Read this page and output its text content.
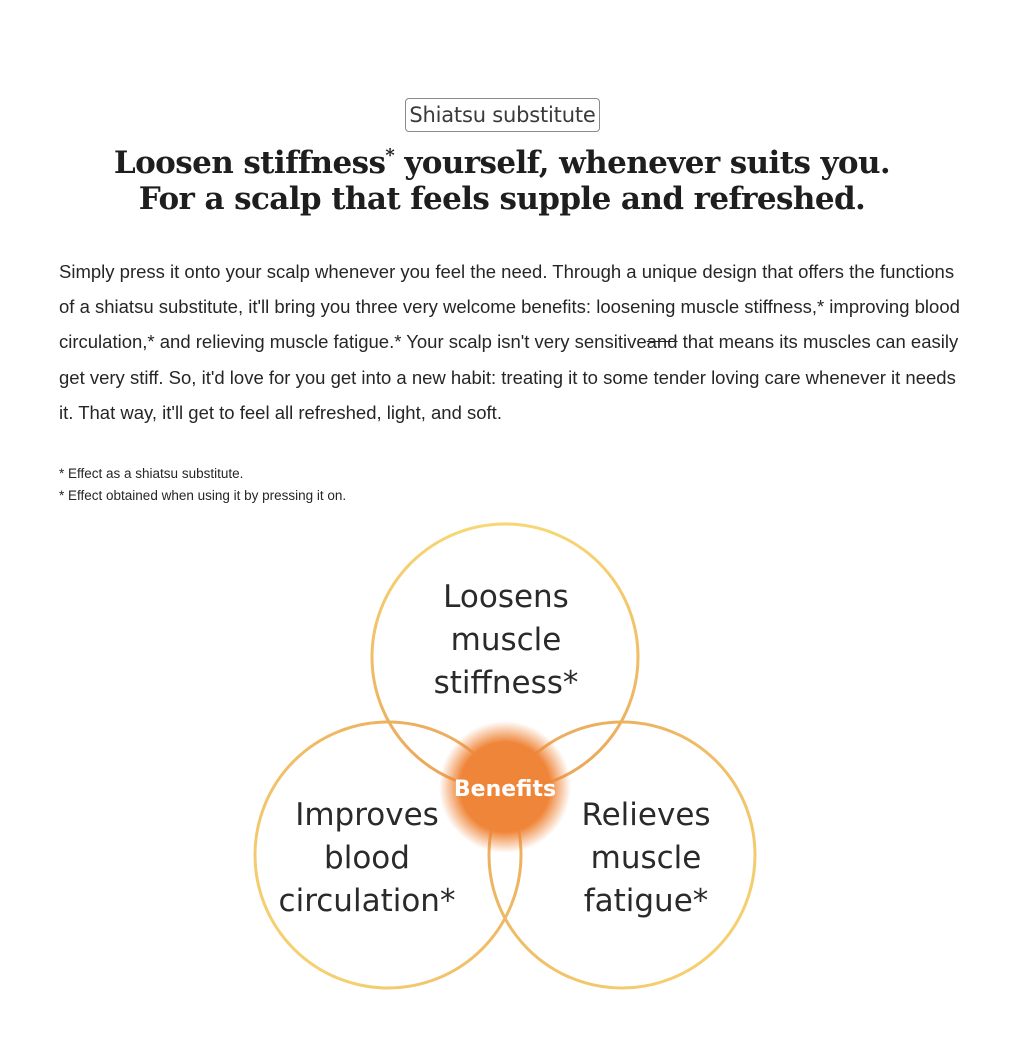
Shiatsu substitute
Loosen stiffness* yourself, whenever suits you.
For a scalp that feels supple and refreshed.
Simply press it onto your scalp whenever you feel the need. Through a unique design that offers the functions of a shiatsu substitute, it'll bring you three very welcome benefits: loosening muscle stiffness,* improving blood circulation,* and relieving muscle fatigue.* Your scalp isn't very sensitiveand that means its muscles can easily get very stiff. So, it'd love for you get into a new habit: treating it to some tender loving care whenever it needs it. That way, it'll get to feel all refreshed, light, and soft.
* Effect as a shiatsu substitute.
* Effect obtained when using it by pressing it on.
Benefits
Loosens
muscle
stiffness*
Improves
blood
circulation*
Relieves
muscle
fatigue*
